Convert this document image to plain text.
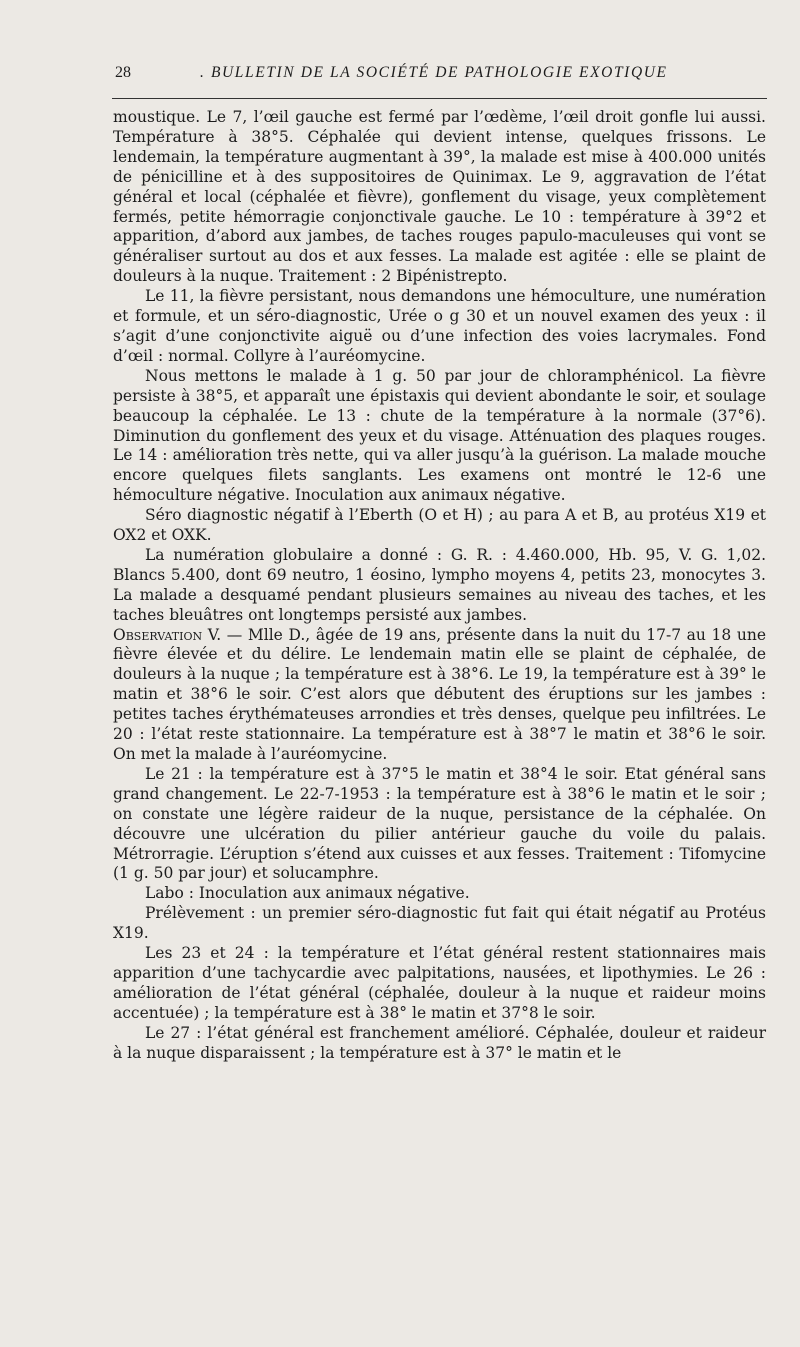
28	. BULLETIN DE LA SOCIÉTÉ DE PATHOLOGIE EXOTIQUE

moustique. Le 7, l’œil gauche est fermé par l’œdème, l’œil droit gonfle lui aussi. Température à 38°5. Céphalée qui devient intense, quelques frissons. Le lendemain, la température augmentant à 39°, la malade est mise à 400.000 unités de pénicilline et à des suppositoires de Quinimax. Le 9, aggravation de l’état général et local (céphalée et fièvre), gonflement du visage, yeux complètement fermés, petite hémorragie conjonctivale gauche. Le 10 : température à 39°2 et apparition, d’abord aux jambes, de taches rouges papulo-maculeuses qui vont se généraliser surtout au dos et aux fesses. La malade est agitée : elle se plaint de douleurs à la nuque. Traitement : 2 Bipénistrepto.

Le 11, la fièvre persistant, nous demandons une hémoculture, une numération et formule, et un séro-diagnostic, Urée o g 30 et un nouvel examen des yeux : il s’agit d’une conjonctivite aiguë ou d’une infection des voies lacrymales. Fond d’œil : normal. Collyre à l’auréomycine.

Nous mettons le malade à 1 g. 50 par jour de chloramphénicol. La fièvre persiste à 38°5, et apparaît une épistaxis qui devient abondante le soir, et soulage beaucoup la céphalée. Le 13 : chute de la température à la normale (37°6). Diminution du gonflement des yeux et du visage. Atténuation des plaques rouges. Le 14 : amélioration très nette, qui va aller jusqu’à la guérison. La malade mouche encore quelques filets sanglants. Les examens ont montré le 12-6 une hémoculture négative. Inoculation aux animaux négative.

Séro diagnostic négatif à l’Eberth (O et H) ; au para A et B, au protéus X19 et OX2 et OXK.

La numération globulaire a donné : G. R. : 4.460.000, Hb. 95, V. G. 1,02. Blancs 5.400, dont 69 neutro, 1 éosino, lympho moyens 4, petits 23, monocytes 3. La malade a desquamé pendant plusieurs semaines au niveau des taches, et les taches bleuâtres ont longtemps persisté aux jambes.

Observation V. — Mlle D., âgée de 19 ans, présente dans la nuit du 17-7 au 18 une fièvre élevée et du délire. Le lendemain matin elle se plaint de céphalée, de douleurs à la nuque ; la température est à 38°6. Le 19, la température est à 39° le matin et 38°6 le soir. C’est alors que débutent des éruptions sur les jambes : petites taches érythémateuses arrondies et très denses, quelque peu infiltrées. Le 20 : l’état reste stationnaire. La température est à 38°7 le matin et 38°6 le soir. On met la malade à l’auréomycine.

Le 21 : la température est à 37°5 le matin et 38°4 le soir. Etat général sans grand changement. Le 22-7-1953 : la température est à 38°6 le matin et le soir ; on constate une légère raideur de la nuque, persistance de la céphalée. On découvre une ulcération du pilier antérieur gauche du voile du palais. Métrorragie. L’éruption s’étend aux cuisses et aux fesses. Traitement : Tifomycine (1 g. 50 par jour) et solucamphre.

Labo : Inoculation aux animaux négative.

Prélèvement : un premier séro-diagnostic fut fait qui était négatif au Protéus X19.

Les 23 et 24 : la température et l’état général restent stationnaires mais apparition d’une tachycardie avec palpitations, nausées, et lipothymies. Le 26 : amélioration de l’état général (céphalée, douleur à la nuque et raideur moins accentuée) ; la température est à 38° le matin et 37°8 le soir.

Le 27 : l’état général est franchement amélioré. Céphalée, douleur et raideur à la nuque disparaissent ; la température est à 37° le matin et le
